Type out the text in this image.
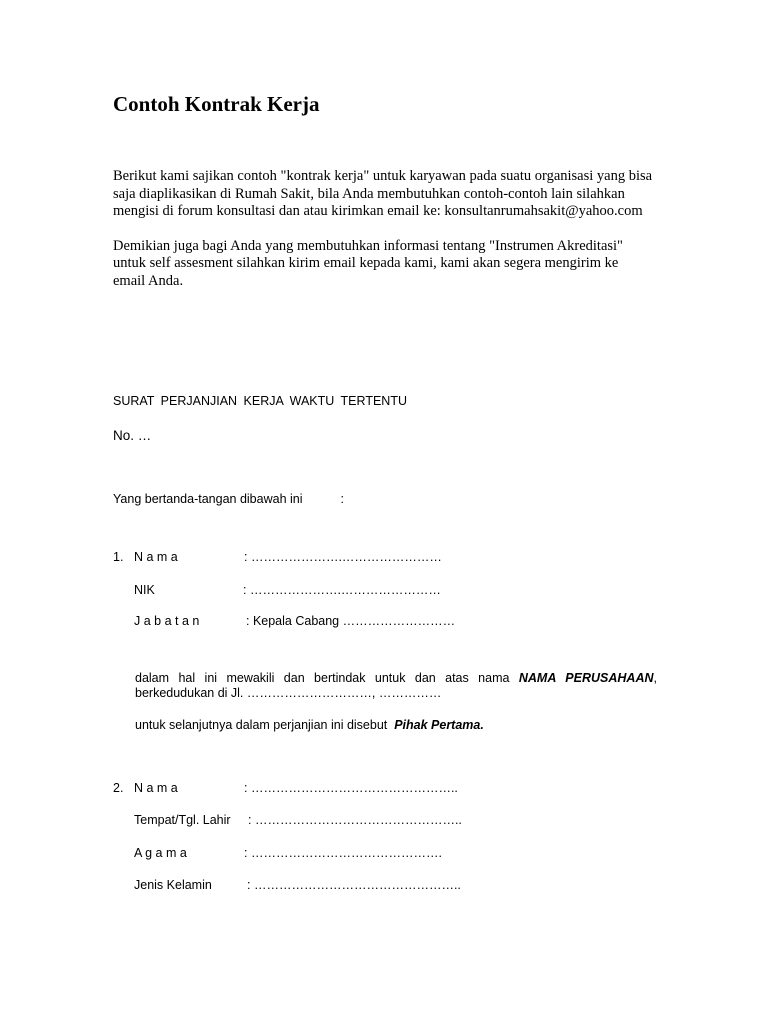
Contoh Kontrak Kerja

Berikut kami sajikan contoh "kontrak kerja" untuk karyawan pada suatu organisasi yang bisa saja diaplikasikan di Rumah Sakit, bila Anda membutuhkan contoh-contoh lain silahkan mengisi di forum konsultasi dan atau kirimkan email ke: konsultanrumahsakit@yahoo.com

Demikian juga bagi Anda yang membutuhkan informasi tentang "Instrumen Akreditasi" untuk self assesment silahkan kirim email kepada kami, kami akan segera mengirim ke email Anda.

SURAT PERJANJIAN KERJA WAKTU TERTENTU
No. …
Yang bertanda-tangan dibawah ini	:
1. N a m a	: ………………….……………………
NIK	: ………………….……………………
J a b a t a n	: Kepala Cabang ………………………
dalam hal ini mewakili dan bertindak untuk dan atas nama NAMA PERUSAHAAN,
berkedudukan di Jl. …………………………, ……………
untuk selanjutnya dalam perjanjian ini disebut Pihak Pertama.
2. N a m a	: …………………………………………..
Tempat/Tgl. Lahir : …………………………………………..
A g a m a	: ……………………………………….
Jenis Kelamin	: …………………………………………..
